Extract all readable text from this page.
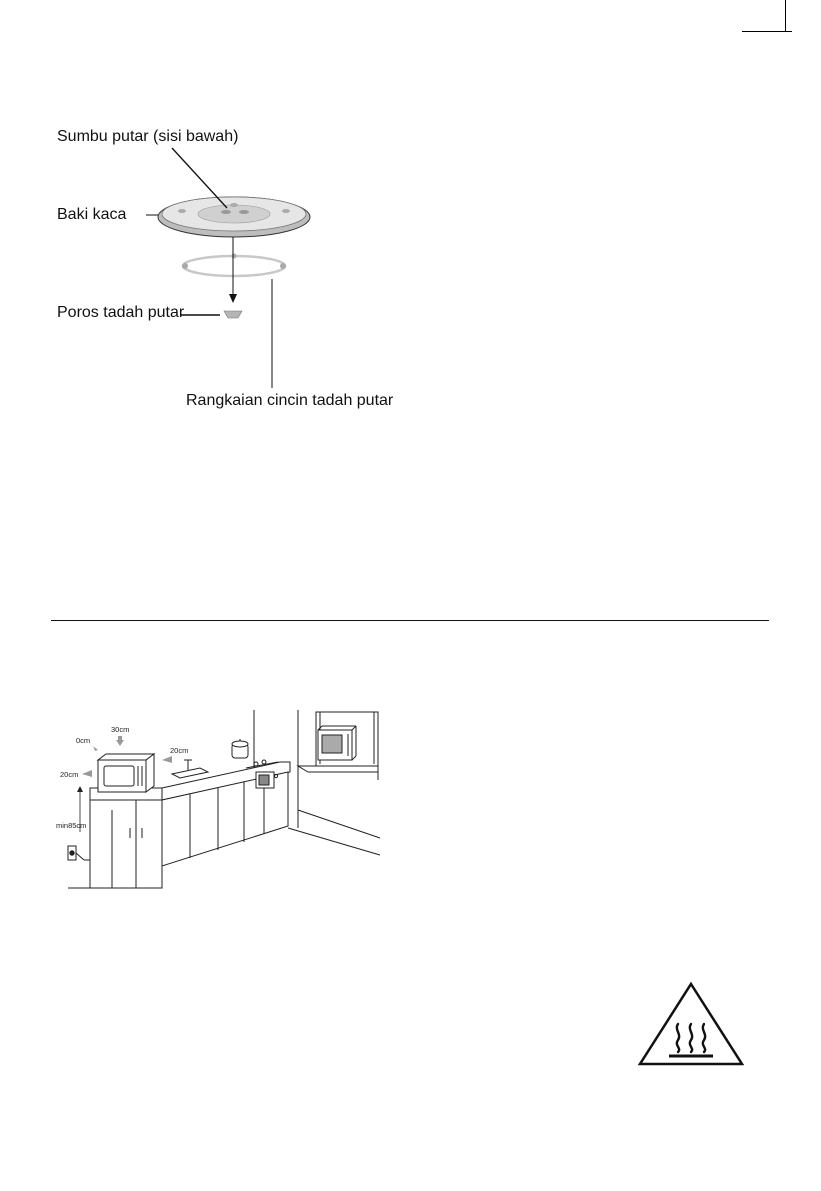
Sumbu putar (sisi bawah)
Baki kaca
Poros tadah putar
Rangkaian cincin tadah putar
30cm
0cm
20cm
20cm
min85cm
